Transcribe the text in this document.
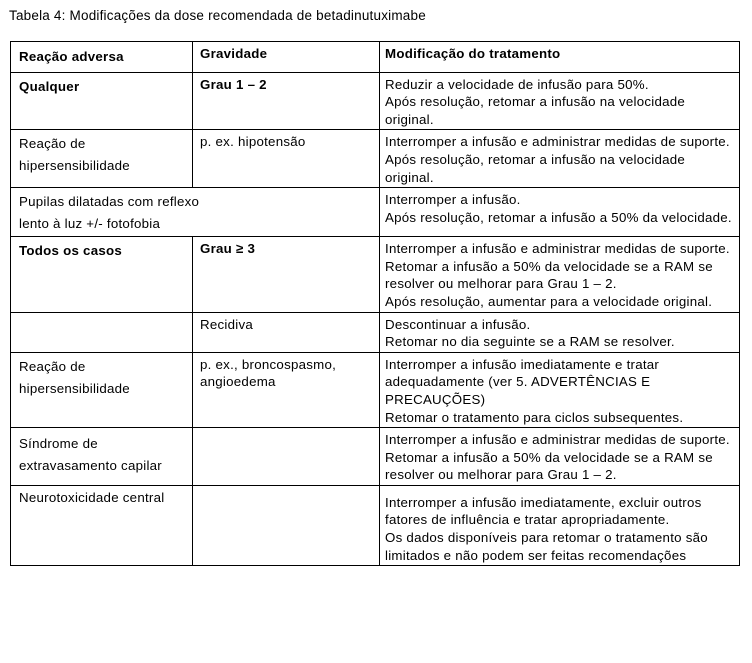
Tabela 4: Modificações da dose recomendada de betadinutuximabe
Reação adversa	Gravidade	Modificação do tratamento
Qualquer	Grau 1 – 2	Reduzir a velocidade de infusão para 50%.
Após resolução, retomar a infusão na velocidade original.

Reação de hipersensibilidade	p. ex. hipotensão	Interromper a infusão e administrar medidas de suporte.
Após resolução, retomar a infusão na velocidade original.

Pupilas dilatadas com reflexo lento à luz +/- fotofobia		Interromper a infusão.
Após resolução, retomar a infusão a 50% da velocidade.

Todos os casos	Grau ≥ 3	Interromper a infusão e administrar medidas de suporte.
Retomar a infusão a 50% da velocidade se a RAM se resolver ou melhorar para Grau 1 – 2.
Após resolução, aumentar para a velocidade original.

	Recidiva	Descontinuar a infusão.
Retomar no dia seguinte se a RAM se resolver.

Reação de hipersensibilidade	p. ex., broncospasmo, angioedema	Interromper a infusão imediatamente e tratar adequadamente (ver 5. ADVERTÊNCIAS E PRECAUÇÕES)
Retomar o tratamento para ciclos subsequentes.

Síndrome de extravasamento capilar		Interromper a infusão e administrar medidas de suporte.
Retomar a infusão a 50% da velocidade se a RAM se resolver ou melhorar para Grau 1 – 2.

Neurotoxicidade central		Interromper a infusão imediatamente, excluir outros fatores de influência e tratar apropriadamente.
Os dados disponíveis para retomar o tratamento são limitados e não podem ser feitas recomendações
